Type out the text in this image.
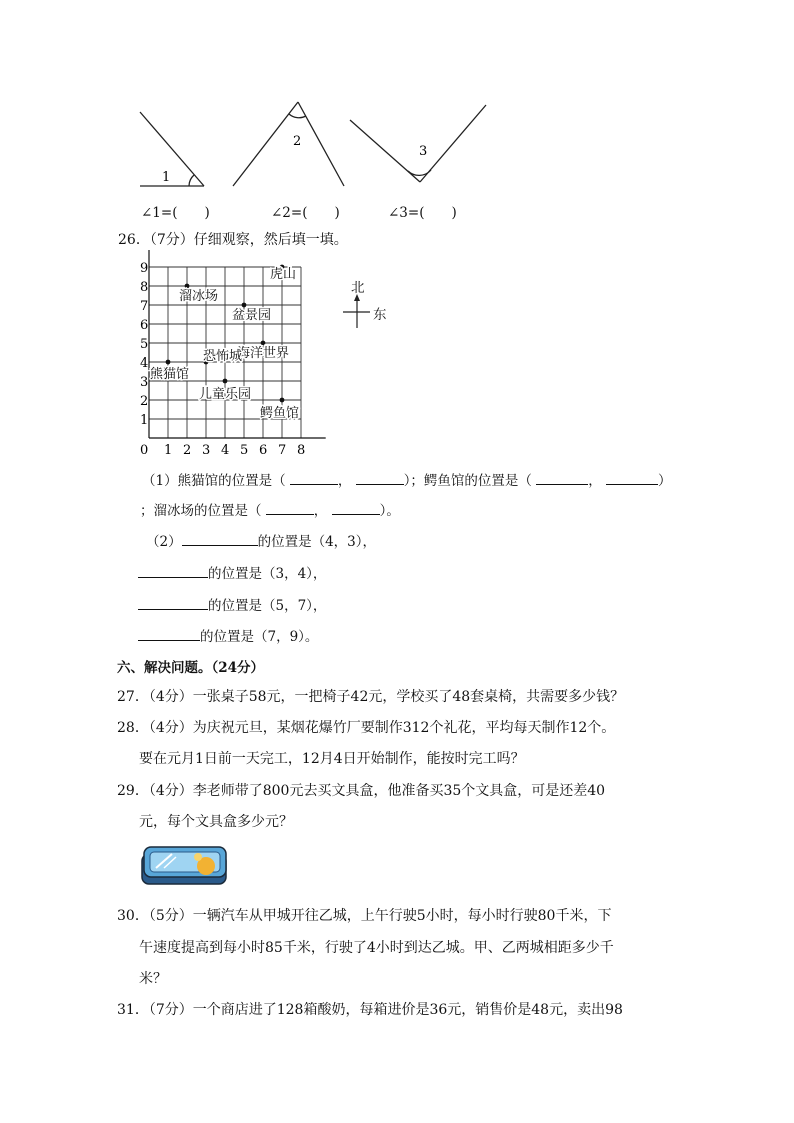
1
2
3
∠1=(　　)	∠2=(　　)	∠3=(　　)
26．（7分）仔细观察，然后填一填。
0 1 2 3 4 5 6 7 8
1
2
3
4
5
6
7
8
9	虎山
溜冰场
盆景园
海洋世界
恐怖城
熊猫馆
儿童乐园
鳄鱼馆
北
东
（1）熊猫馆的位置是（	，	）；鳄鱼馆的位置是（	，	）
；溜冰场的位置是（	，	）。
（2）	的位置是（4，3），
的位置是（3，4），
的位置是（5，7），
的位置是（7，9）。
六、解决问题。（24分）
27．（4分）一张桌子58元，一把椅子42元，学校买了48套桌椅，共需要多少钱？
28．（4分）为庆祝元旦，某烟花爆竹厂要制作312个礼花，平均每天制作12个。
要在元月1日前一天完工，12月4日开始制作，能按时完工吗？
29．（4分）李老师带了800元去买文具盒，他准备买35个文具盒，可是还差40
元，每个文具盒多少元？
30．（5分）一辆汽车从甲城开往乙城，上午行驶5小时，每小时行驶80千米，下
午速度提高到每小时85千米，行驶了4小时到达乙城。甲、乙两城相距多少千
米？
31．（7分）一个商店进了128箱酸奶，每箱进价是36元，销售价是48元，卖出98
